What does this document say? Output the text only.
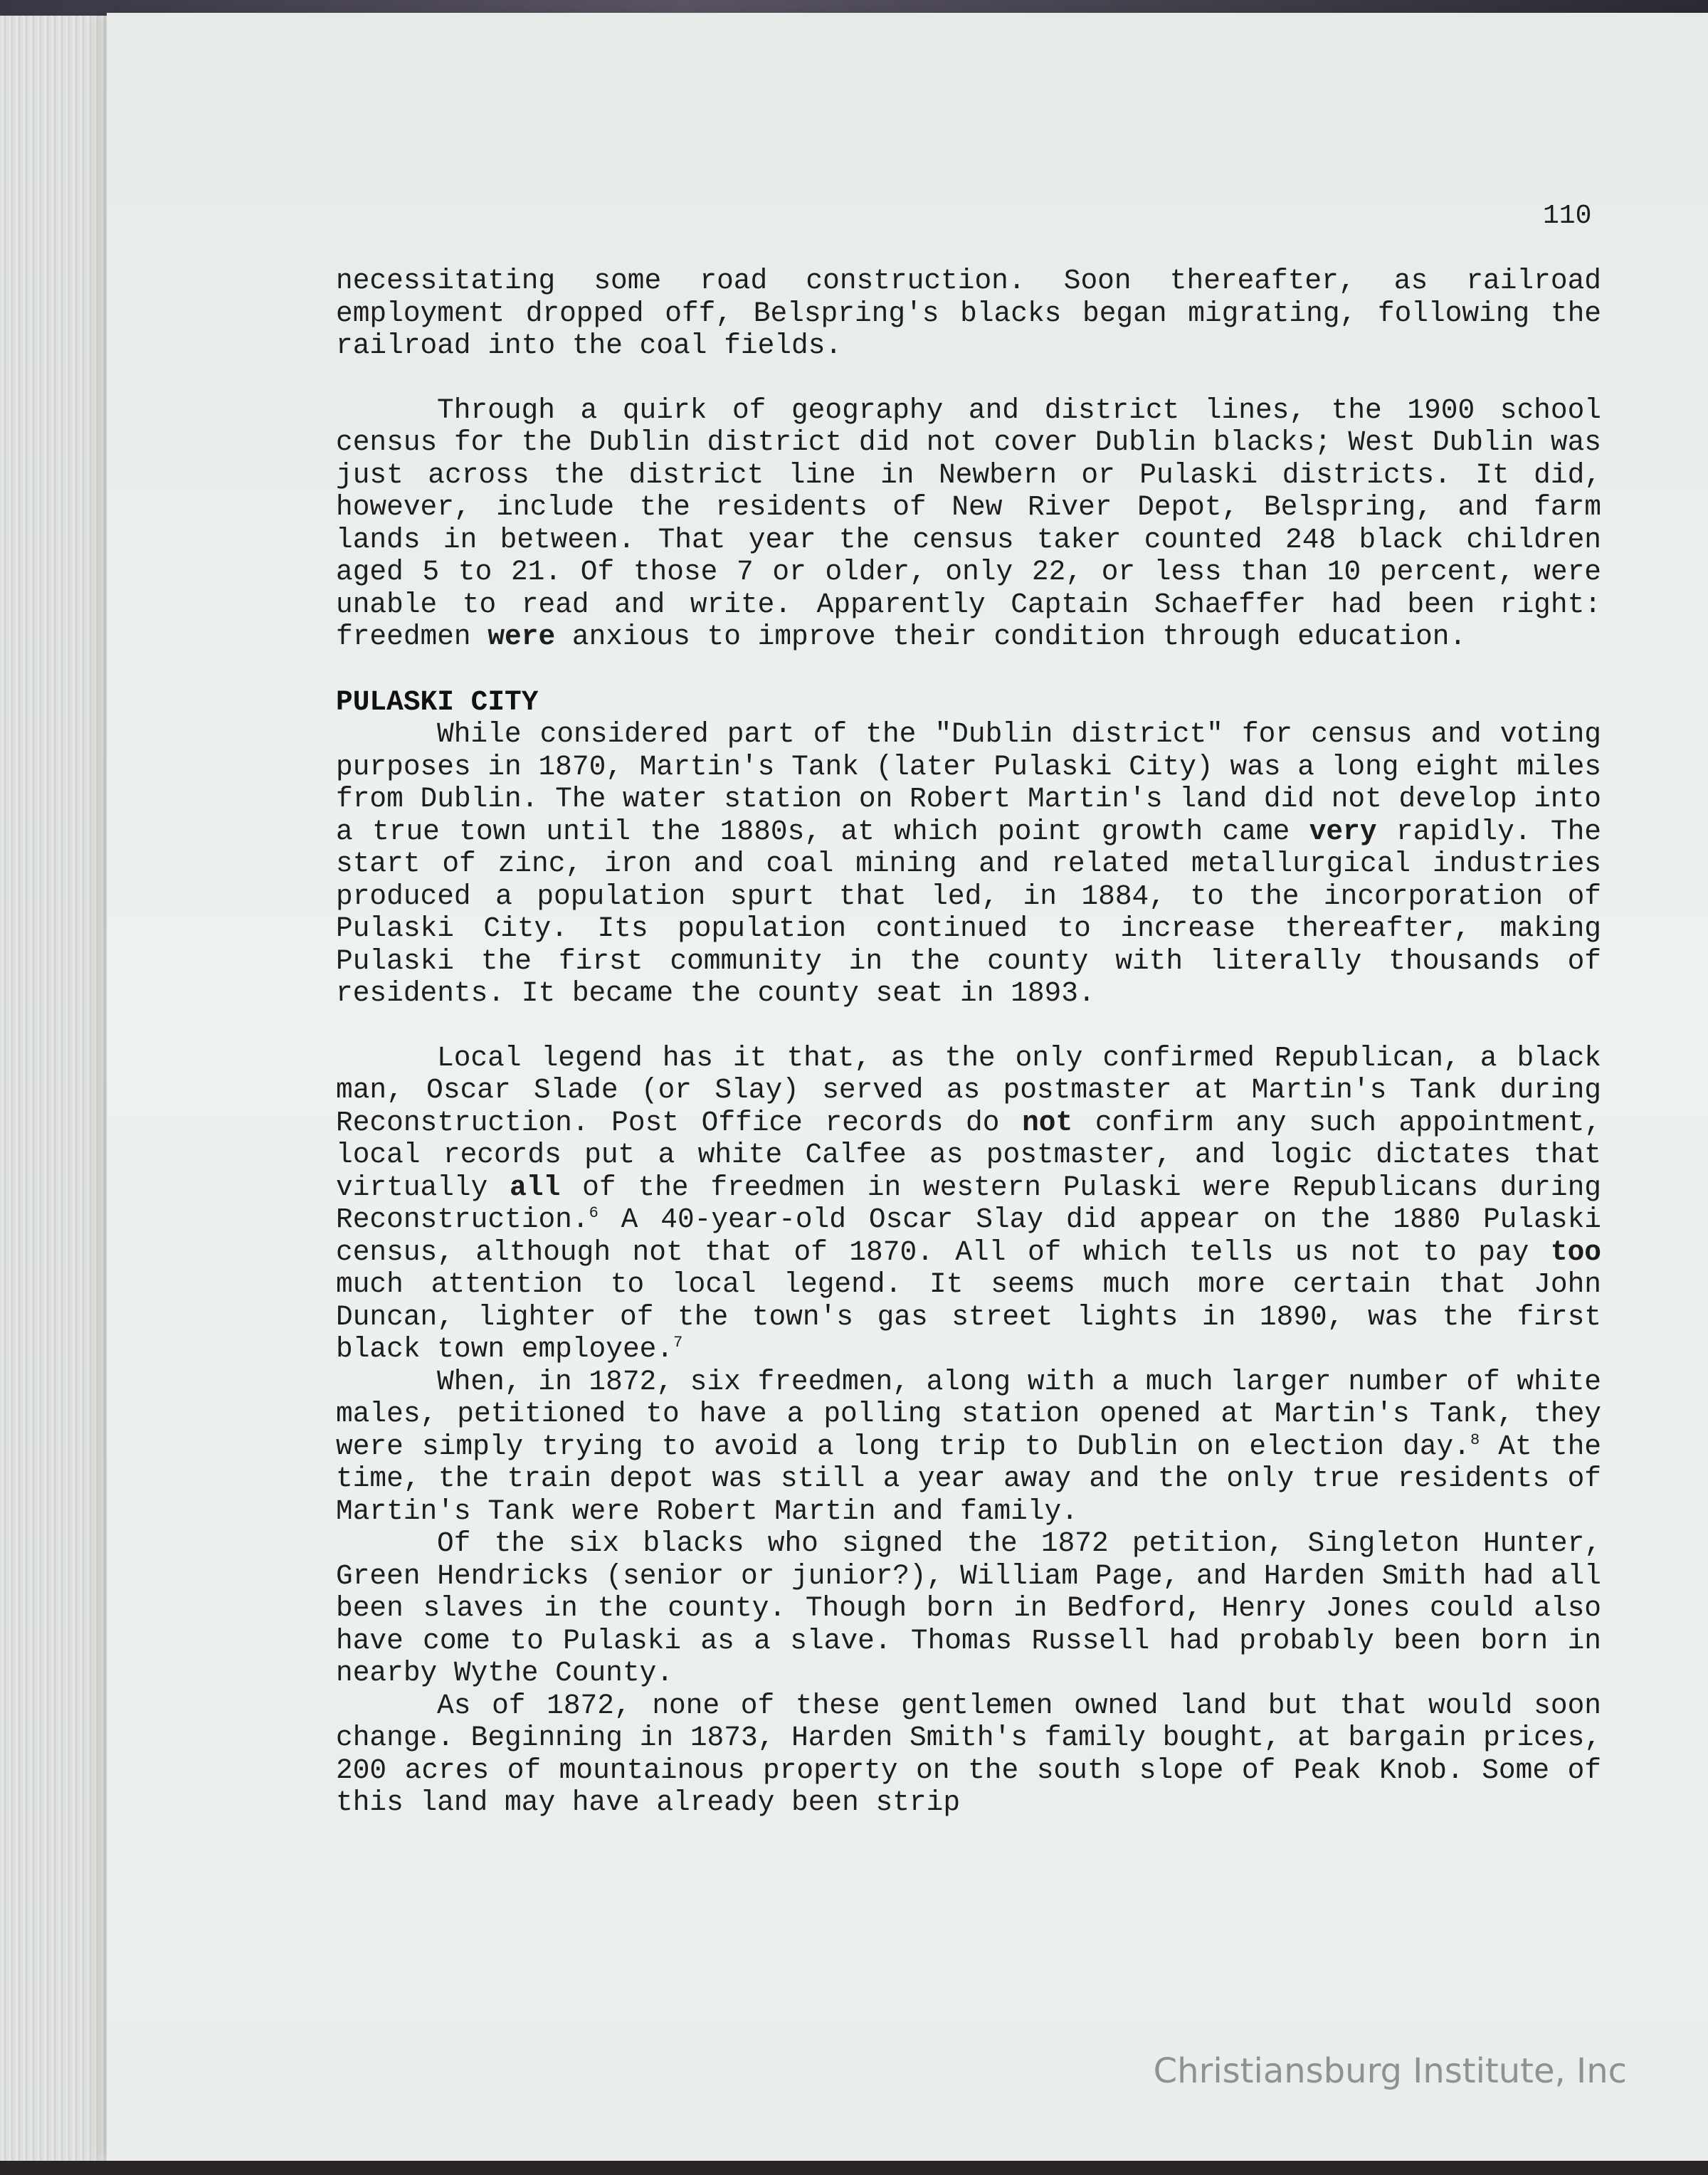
110

necessitating some road construction. Soon thereafter, as railroad employment dropped off, Belspring's blacks began migrating, following the railroad into the coal fields.

Through a quirk of geography and district lines, the 1900 school census for the Dublin district did not cover Dublin blacks; West Dublin was just across the district line in Newbern or Pulaski districts. It did, however, include the residents of New River Depot, Belspring, and farm lands in between. That year the census taker counted 248 black children aged 5 to 21. Of those 7 or older, only 22, or less than 10 percent, were unable to read and write. Apparently Captain Schaeffer had been right: freedmen were anxious to improve their condition through education.

PULASKI CITY

While considered part of the "Dublin district" for census and voting purposes in 1870, Martin's Tank (later Pulaski City) was a long eight miles from Dublin. The water station on Robert Martin's land did not develop into a true town until the 1880s, at which point growth came very rapidly. The start of zinc, iron and coal mining and related metallurgical industries produced a population spurt that led, in 1884, to the incorporation of Pulaski City. Its population continued to increase thereafter, making Pulaski the first community in the county with literally thousands of residents. It became the county seat in 1893.

Local legend has it that, as the only confirmed Republican, a black man, Oscar Slade (or Slay) served as postmaster at Martin's Tank during Reconstruction. Post Office records do not confirm any such appointment, local records put a white Calfee as postmaster, and logic dictates that virtually all of the freedmen in western Pulaski were Republicans during Reconstruction.$^6$ A 40-year-old Oscar Slay did appear on the 1880 Pulaski census, although not that of 1870. All of which tells us not to pay too much attention to local legend. It seems much more certain that John Duncan, lighter of the town's gas street lights in 1890, was the first black town employee.$^7$

When, in 1872, six freedmen, along with a much larger number of white males, petitioned to have a polling station opened at Martin's Tank, they were simply trying to avoid a long trip to Dublin on election day.$^8$ At the time, the train depot was still a year away and the only true residents of Martin's Tank were Robert Martin and family.

Of the six blacks who signed the 1872 petition, Singleton Hunter, Green Hendricks (senior or junior?), William Page, and Harden Smith had all been slaves in the county. Though born in Bedford, Henry Jones could also have come to Pulaski as a slave. Thomas Russell had probably been born in nearby Wythe County.

As of 1872, none of these gentlemen owned land but that would soon change. Beginning in 1873, Harden Smith's family bought, at bargain prices, 200 acres of mountainous property on the south slope of Peak Knob. Some of this land may have already been strip

Christiansburg Institute, Inc
